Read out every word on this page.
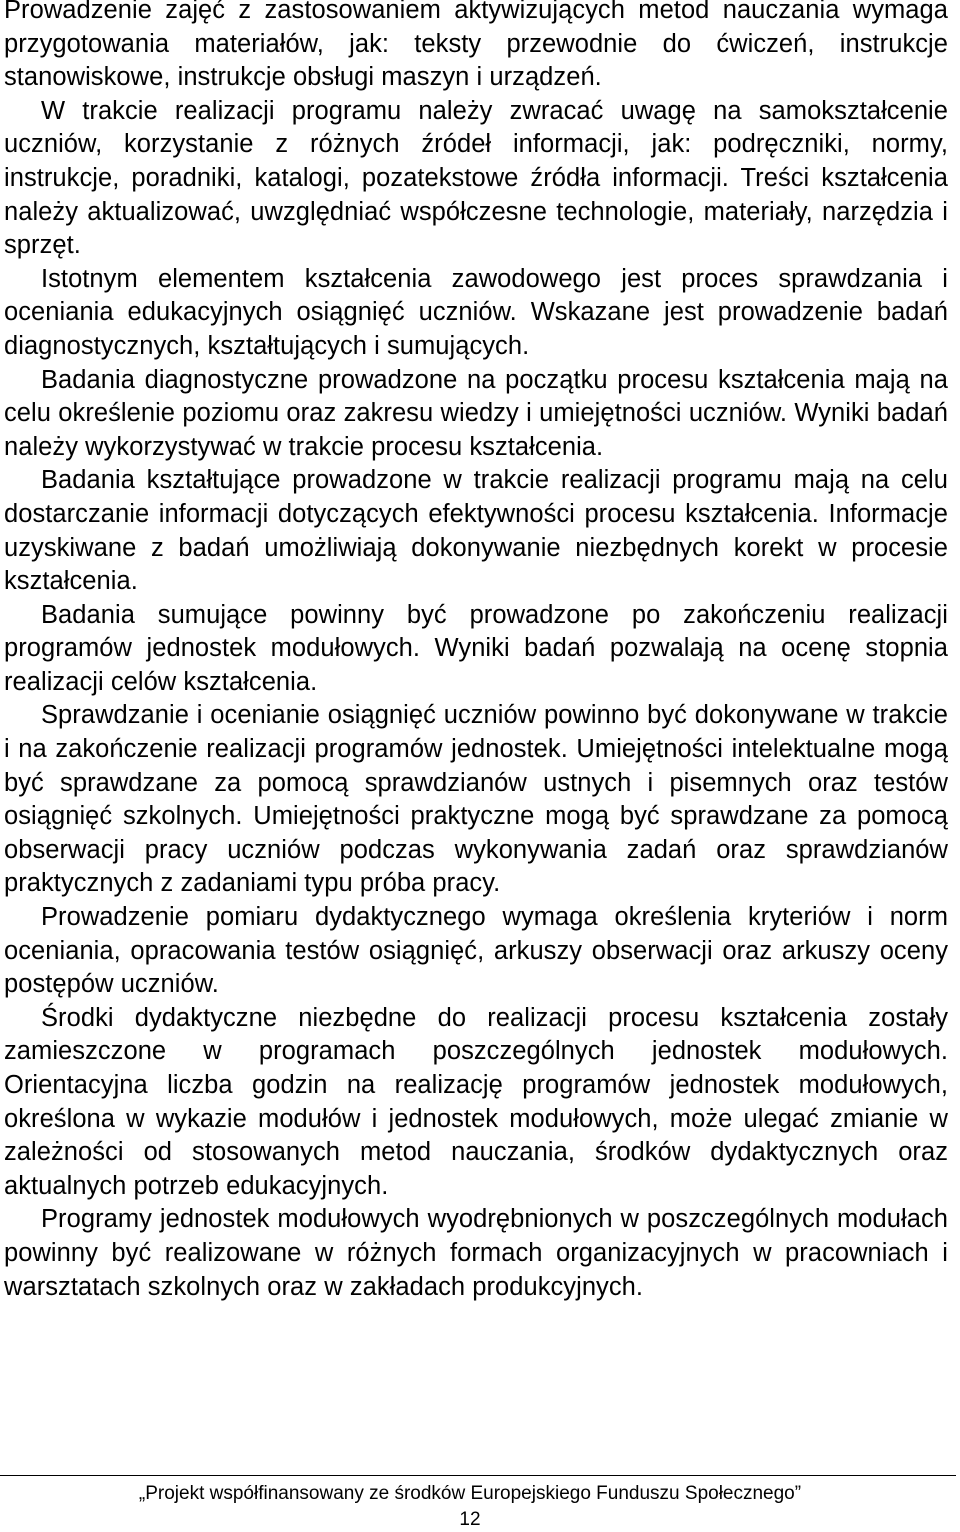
Prowadzenie zajęć z zastosowaniem aktywizujących metod nauczania wymaga przygotowania materiałów, jak: teksty przewodnie do ćwiczeń, instrukcje stanowiskowe, instrukcje obsługi maszyn i urządzeń.

W trakcie realizacji programu należy zwracać uwagę na samokształcenie uczniów, korzystanie z różnych źródeł informacji, jak: podręczniki, normy, instrukcje, poradniki, katalogi, pozatekstowe źródła informacji. Treści kształcenia należy aktualizować, uwzględniać współczesne technologie, materiały, narzędzia i sprzęt.

Istotnym elementem kształcenia zawodowego jest proces sprawdzania i oceniania edukacyjnych osiągnięć uczniów. Wskazane jest prowadzenie badań diagnostycznych, kształtujących i sumujących.

Badania diagnostyczne prowadzone na początku procesu kształcenia mają na celu określenie poziomu oraz zakresu wiedzy i umiejętności uczniów. Wyniki badań należy wykorzystywać w trakcie procesu kształcenia.

Badania kształtujące prowadzone w trakcie realizacji programu mają na celu dostarczanie informacji dotyczących efektywności procesu kształcenia. Informacje uzyskiwane z badań umożliwiają dokonywanie niezbędnych korekt w procesie kształcenia.

Badania sumujące powinny być prowadzone po zakończeniu realizacji programów jednostek modułowych. Wyniki badań pozwalają na ocenę stopnia realizacji celów kształcenia.

Sprawdzanie i ocenianie osiągnięć uczniów powinno być dokonywane w trakcie i na zakończenie realizacji programów jednostek. Umiejętności intelektualne mogą być sprawdzane za pomocą sprawdzianów ustnych i pisemnych oraz testów osiągnięć szkolnych. Umiejętności praktyczne mogą być sprawdzane za pomocą obserwacji pracy uczniów podczas wykonywania zadań oraz sprawdzianów praktycznych z zadaniami typu próba pracy.

Prowadzenie pomiaru dydaktycznego wymaga określenia kryteriów i norm oceniania, opracowania testów osiągnięć, arkuszy obserwacji oraz arkuszy oceny postępów uczniów.

Środki dydaktyczne niezbędne do realizacji procesu kształcenia zostały zamieszczone w programach poszczególnych jednostek modułowych. Orientacyjna liczba godzin na realizację programów jednostek modułowych, określona w wykazie modułów i jednostek modułowych, może ulegać zmianie w zależności od stosowanych metod nauczania, środków dydaktycznych oraz aktualnych potrzeb edukacyjnych.

Programy jednostek modułowych wyodrębnionych w poszczególnych modułach powinny być realizowane w różnych formach organizacyjnych w pracowniach i warsztatach szkolnych oraz w zakładach produkcyjnych.

„Projekt współfinansowany ze środków Europejskiego Funduszu Społecznego”
12
